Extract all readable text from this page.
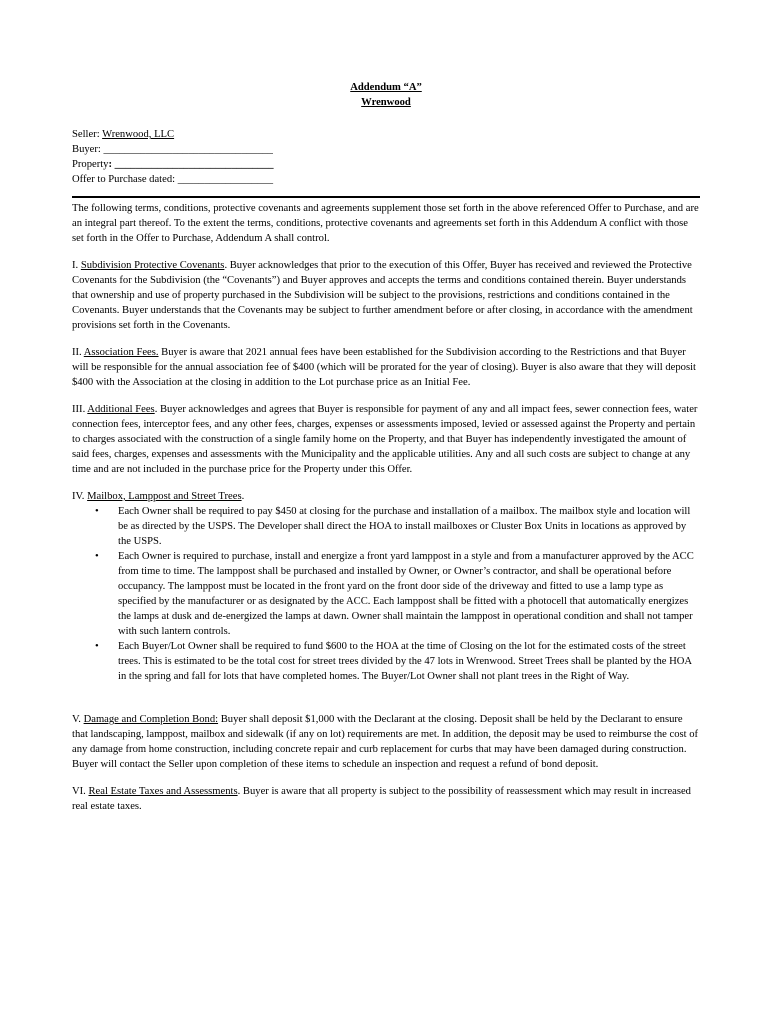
Addendum “A”
Wrenwood
Seller: Wrenwood, LLC
Buyer: ________________________________
Property: ______________________________
Offer to Purchase dated: __________________

The following terms, conditions, protective covenants and agreements supplement those set forth in the above referenced Offer to Purchase, and are an integral part thereof. To the extent the terms, conditions, protective covenants and agreements set forth in this Addendum A conflict with those set forth in the Offer to Purchase, Addendum A shall control.

I. Subdivision Protective Covenants. Buyer acknowledges that prior to the execution of this Offer, Buyer has received and reviewed the Protective Covenants for the Subdivision (the “Covenants”) and Buyer approves and accepts the terms and conditions contained therein. Buyer understands that ownership and use of property purchased in the Subdivision will be subject to the provisions, restrictions and conditions contained in the Covenants. Buyer understands that the Covenants may be subject to further amendment before or after closing, in accordance with the amendment provisions set forth in the Covenants.

II. Association Fees. Buyer is aware that 2021 annual fees have been established for the Subdivision according to the Restrictions and that Buyer will be responsible for the annual association fee of $400 (which will be prorated for the year of closing). Buyer is also aware that they will deposit $400 with the Association at the closing in addition to the Lot purchase price as an Initial Fee.

III. Additional Fees. Buyer acknowledges and agrees that Buyer is responsible for payment of any and all impact fees, sewer connection fees, water connection fees, interceptor fees, and any other fees, charges, expenses or assessments imposed, levied or assessed against the Property and pertain to charges associated with the construction of a single family home on the Property, and that Buyer has independently investigated the amount of said fees, charges, expenses and assessments with the Municipality and the applicable utilities. Any and all such costs are subject to change at any time and are not included in the purchase price for the Property under this Offer.

IV. Mailbox, Lamppost and Street Trees.

• Each Owner shall be required to pay $450 at closing for the purchase and installation of a mailbox. The mailbox style and location will be as directed by the USPS. The Developer shall direct the HOA to install mailboxes or Cluster Box Units in locations as approved by the USPS.
• Each Owner is required to purchase, install and energize a front yard lamppost in a style and from a manufacturer approved by the ACC from time to time. The lamppost shall be purchased and installed by Owner, or Owner’s contractor, and shall be operational before occupancy. The lamppost must be located in the front yard on the front door side of the driveway and fitted to use a lamp type as specified by the manufacturer or as designated by the ACC. Each lamppost shall be fitted with a photocell that automatically energizes the lamps at dusk and de-energized the lamps at dawn. Owner shall maintain the lamppost in operational condition and shall not tamper with such lantern controls.
• Each Buyer/Lot Owner shall be required to fund $600 to the HOA at the time of Closing on the lot for the estimated costs of the street trees. This is estimated to be the total cost for street trees divided by the 47 lots in Wrenwood. Street Trees shall be planted by the HOA in the spring and fall for lots that have completed homes. The Buyer/Lot Owner shall not plant trees in the Right of Way.

V. Damage and Completion Bond: Buyer shall deposit $1,000 with the Declarant at the closing. Deposit shall be held by the Declarant to ensure that landscaping, lamppost, mailbox and sidewalk (if any on lot) requirements are met. In addition, the deposit may be used to reimburse the cost of any damage from home construction, including concrete repair and curb replacement for curbs that may have been damaged during construction. Buyer will contact the Seller upon completion of these items to schedule an inspection and request a refund of bond deposit.

VI. Real Estate Taxes and Assessments. Buyer is aware that all property is subject to the possibility of reassessment which may result in increased real estate taxes.
